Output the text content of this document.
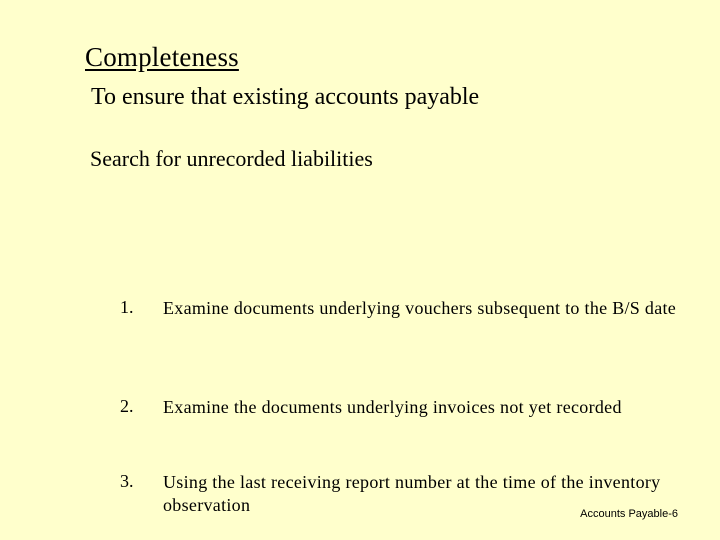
Completeness
To ensure that existing accounts payable
Search for unrecorded liabilities
1. Examine documents underlying vouchers subsequent to the B/S date
2. Examine the documents underlying invoices not yet recorded
3. Using the last receiving report number at the time of the inventory observation	Accounts Payable-6
